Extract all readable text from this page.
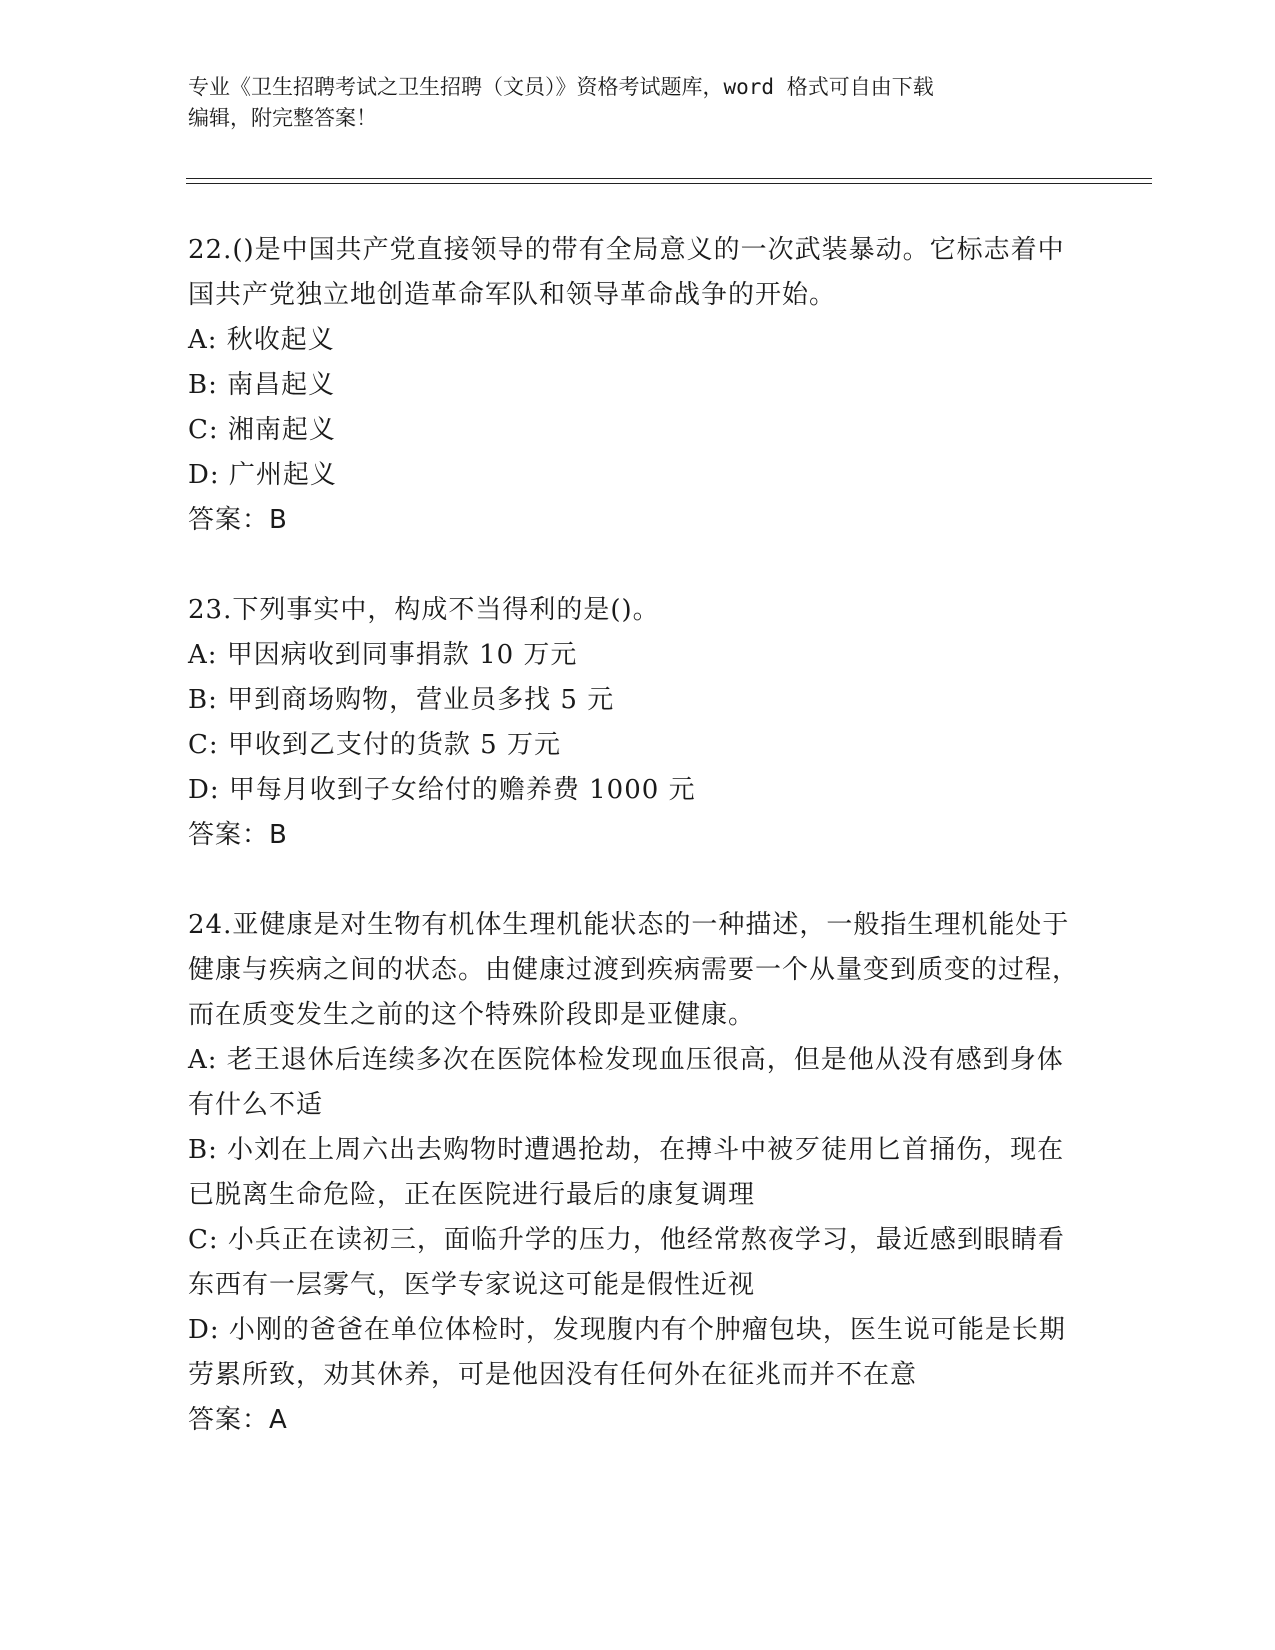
专业《卫生招聘考试之卫生招聘（文员）》资格考试题库，word 格式可自由下载
编辑，附完整答案！

22.()是中国共产党直接领导的带有全局意义的一次武装暴动。它标志着中国共产党独立地创造革命军队和领导革命战争的开始。

A: 秋收起义

B: 南昌起义

C: 湘南起义

D: 广州起义

答案：B

23.下列事实中，构成不当得利的是()。

A: 甲因病收到同事捐款 10 万元

B: 甲到商场购物，营业员多找 5 元

C: 甲收到乙支付的货款 5 万元

D: 甲每月收到子女给付的赡养费 1000 元

答案：B

24.亚健康是对生物有机体生理机能状态的一种描述，一般指生理机能处于健康与疾病之间的状态。由健康过渡到疾病需要一个从量变到质变的过程，而在质变发生之前的这个特殊阶段即是亚健康。

A: 老王退休后连续多次在医院体检发现血压很高，但是他从没有感到身体有什么不适

B: 小刘在上周六出去购物时遭遇抢劫，在搏斗中被歹徒用匕首捅伤，现在已脱离生命危险，正在医院进行最后的康复调理

C: 小兵正在读初三，面临升学的压力，他经常熬夜学习，最近感到眼睛看东西有一层雾气，医学专家说这可能是假性近视

D: 小刚的爸爸在单位体检时，发现腹内有个肿瘤包块，医生说可能是长期劳累所致，劝其休养，可是他因没有任何外在征兆而并不在意

答案：A
